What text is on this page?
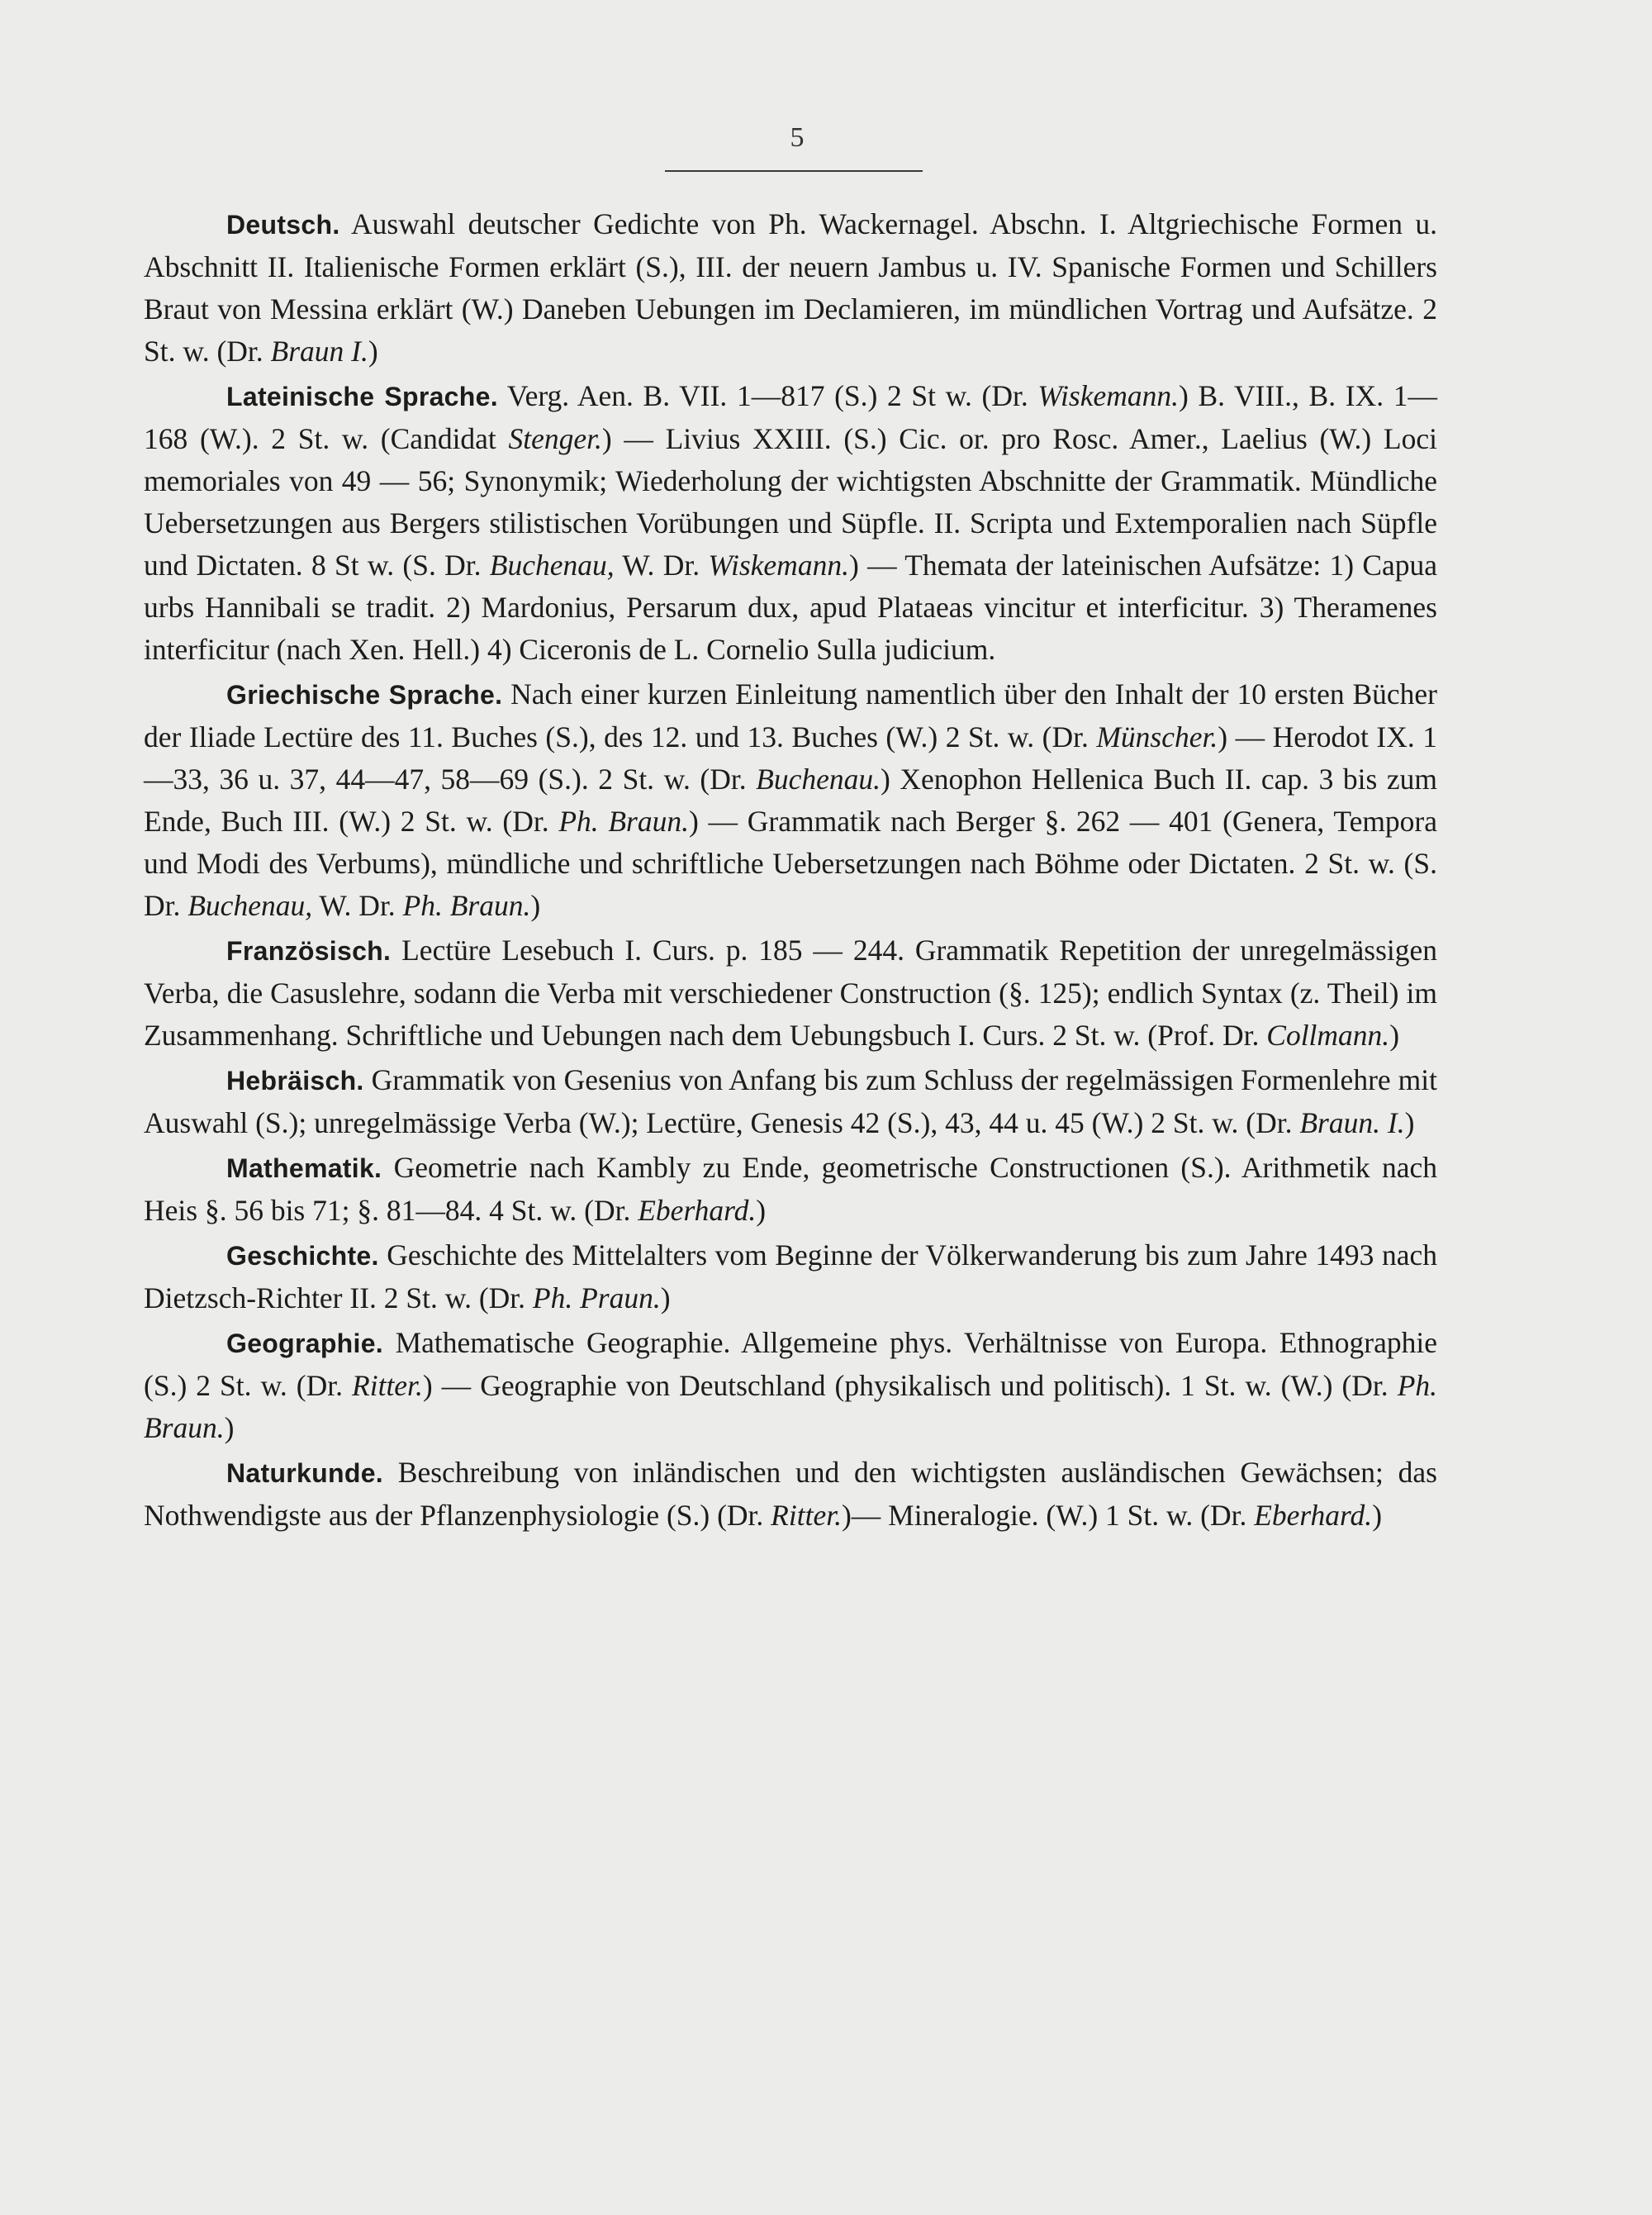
5

Deutsch. Auswahl deutscher Gedichte von Ph. Wackernagel. Abschn. I. Altgriechische Formen u. Abschnitt II. Italienische Formen erklärt (S.), III. der neuern Jambus u. IV. Spanische Formen und Schillers Braut von Messina erklärt (W.) Daneben Uebungen im Declamieren, im mündlichen Vortrag und Aufsätze. 2 St. w. (Dr. Braun I.)

Lateinische Sprache. Verg. Aen. B. VII. 1—817 (S.) 2 St w. (Dr. Wiskemann.) B. VIII., B. IX. 1—168 (W.). 2 St. w. (Candidat Stenger.) — Livius XXIII. (S.) Cic. or. pro Rosc. Amer., Laelius (W.) Loci memoriales von 49 — 56; Synonymik; Wiederholung der wichtigsten Abschnitte der Grammatik. Mündliche Uebersetzungen aus Bergers stilistischen Vorübungen und Süpfle. II. Scripta und Extemporalien nach Süpfle und Dictaten. 8 St w. (S. Dr. Buchenau, W. Dr. Wiskemann.) — Themata der lateinischen Aufsätze: 1) Capua urbs Hannibali se tradit. 2) Mardonius, Persarum dux, apud Plataeas vincitur et interficitur. 3) Theramenes interficitur (nach Xen. Hell.) 4) Ciceronis de L. Cornelio Sulla judicium.

Griechische Sprache. Nach einer kurzen Einleitung namentlich über den Inhalt der 10 ersten Bücher der Iliade Lectüre des 11. Buches (S.), des 12. und 13. Buches (W.) 2 St. w. (Dr. Münscher.) — Herodot IX. 1—33, 36 u. 37, 44—47, 58—69 (S.). 2 St. w. (Dr. Buchenau.) Xenophon Hellenica Buch II. cap. 3 bis zum Ende, Buch III. (W.) 2 St. w. (Dr. Ph. Braun.) — Grammatik nach Berger §. 262 — 401 (Genera, Tempora und Modi des Verbums), mündliche und schriftliche Uebersetzungen nach Böhme oder Dictaten. 2 St. w. (S. Dr. Buchenau, W. Dr. Ph. Braun.)

Französisch. Lectüre Lesebuch I. Curs. p. 185 — 244. Grammatik Repetition der unregelmässigen Verba, die Casuslehre, sodann die Verba mit verschiedener Construction (§. 125); endlich Syntax (z. Theil) im Zusammenhang. Schriftliche und Uebungen nach dem Uebungsbuch I. Curs. 2 St. w. (Prof. Dr. Collmann.)

Hebräisch. Grammatik von Gesenius von Anfang bis zum Schluss der regelmässigen Formenlehre mit Auswahl (S.); unregelmässige Verba (W.); Lectüre, Genesis 42 (S.), 43, 44 u. 45 (W.) 2 St. w. (Dr. Braun. I.)

Mathematik. Geometrie nach Kambly zu Ende, geometrische Constructionen (S.). Arithmetik nach Heis §. 56 bis 71; §. 81—84. 4 St. w. (Dr. Eberhard.)

Geschichte. Geschichte des Mittelalters vom Beginne der Völkerwanderung bis zum Jahre 1493 nach Dietzsch-Richter II. 2 St. w. (Dr. Ph. Praun.)

Geographie. Mathematische Geographie. Allgemeine phys. Verhältnisse von Europa. Ethnographie (S.) 2 St. w. (Dr. Ritter.) — Geographie von Deutschland (physikalisch und politisch). 1 St. w. (W.) (Dr. Ph. Braun.)

Naturkunde. Beschreibung von inländischen und den wichtigsten ausländischen Gewächsen; das Nothwendigste aus der Pflanzenphysiologie (S.) (Dr. Ritter.)— Mineralogie. (W.) 1 St. w. (Dr. Eberhard.)
